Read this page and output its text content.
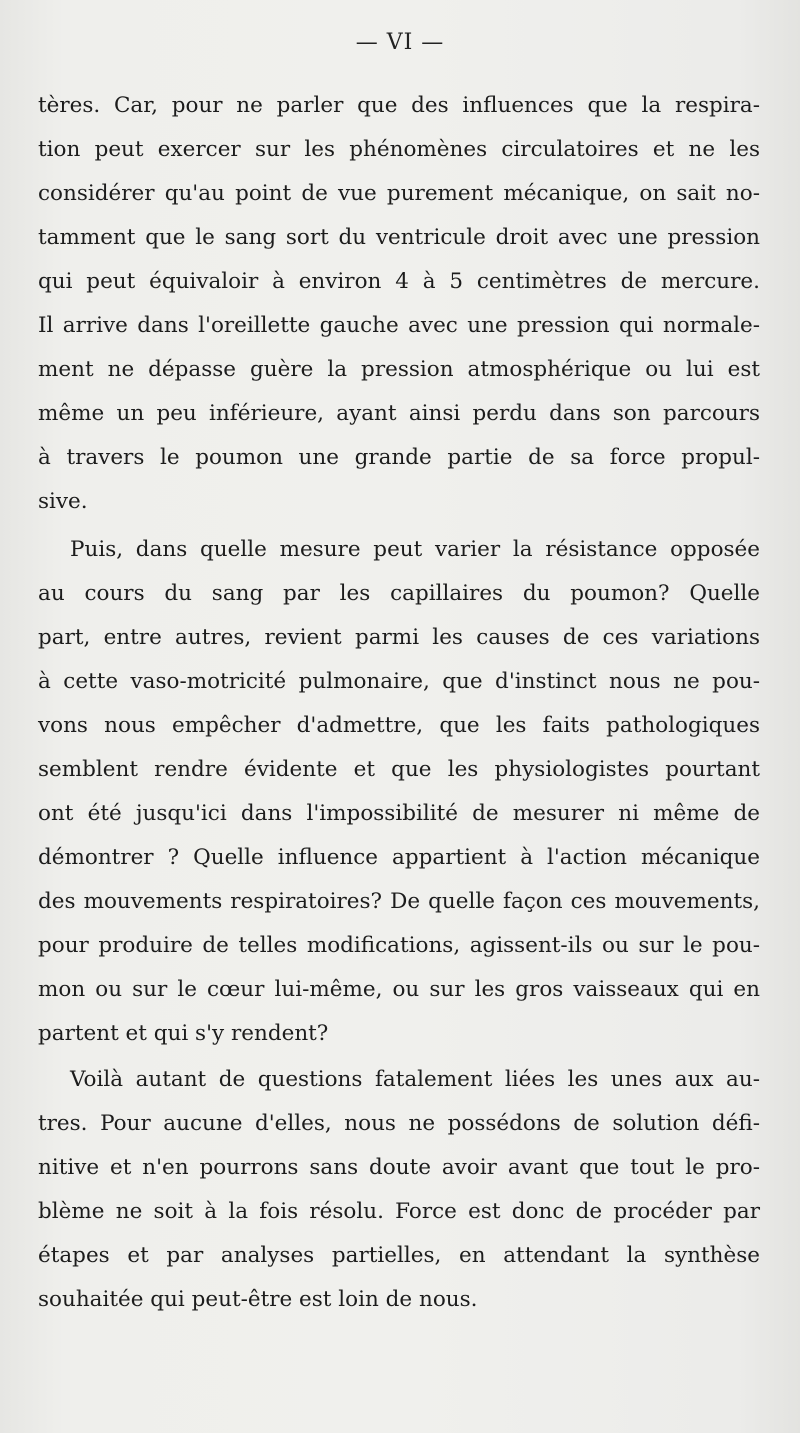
— VI —
tères. Car, pour ne parler que des influences que la respira-
tion peut exercer sur les phénomènes circulatoires et ne les
considérer qu'au point de vue purement mécanique, on sait no-
tamment que le sang sort du ventricule droit avec une pression
qui peut équivaloir à environ 4 à 5 centimètres de mercure.
Il arrive dans l'oreillette gauche avec une pression qui normale-
ment ne dépasse guère la pression atmosphérique ou lui est
même un peu inférieure, ayant ainsi perdu dans son parcours
à travers le poumon une grande partie de sa force propul-
sive.
Puis, dans quelle mesure peut varier la résistance opposée
au cours du sang par les capillaires du poumon? Quelle
part, entre autres, revient parmi les causes de ces variations
à cette vaso-motricité pulmonaire, que d'instinct nous ne pou-
vons nous empêcher d'admettre, que les faits pathologiques
semblent rendre évidente et que les physiologistes pourtant
ont été jusqu'ici dans l'impossibilité de mesurer ni même de
démontrer ? Quelle influence appartient à l'action mécanique
des mouvements respiratoires? De quelle façon ces mouvements,
pour produire de telles modifications, agissent-ils ou sur le pou-
mon ou sur le cœur lui-même, ou sur les gros vaisseaux qui en
partent et qui s'y rendent?
Voilà autant de questions fatalement liées les unes aux au-
tres. Pour aucune d'elles, nous ne possédons de solution défi-
nitive et n'en pourrons sans doute avoir avant que tout le pro-
blème ne soit à la fois résolu. Force est donc de procéder par
étapes et par analyses partielles, en attendant la synthèse
souhaitée qui peut-être est loin de nous.
